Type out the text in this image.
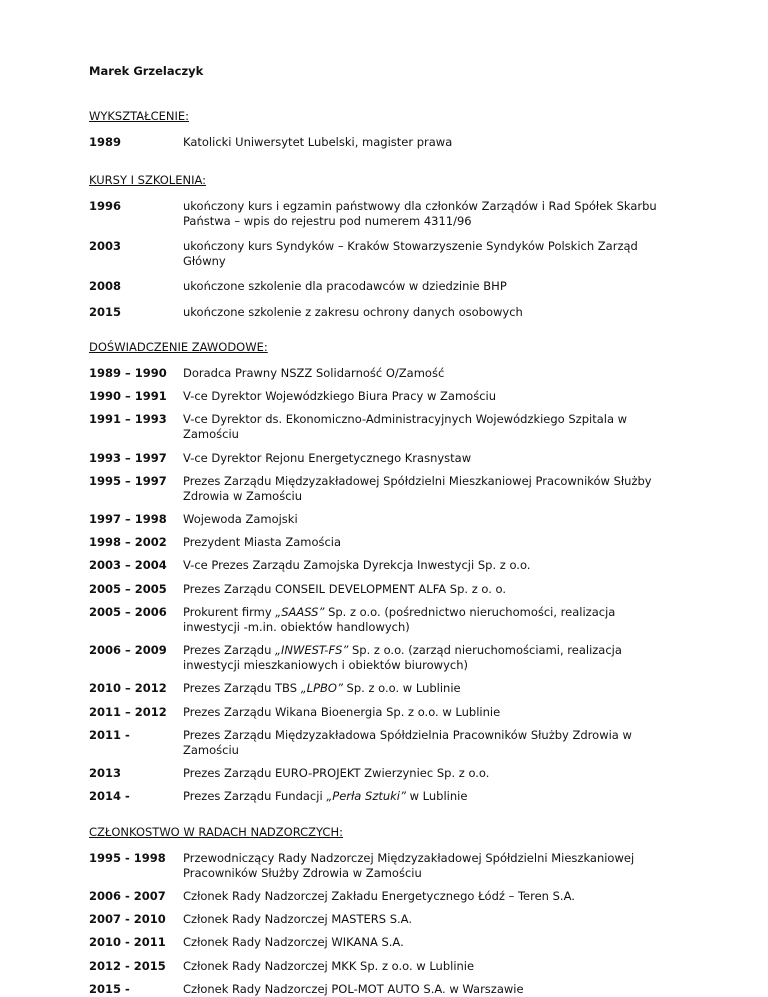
Marek Grzelaczyk
WYKSZTAŁCENIE:
1989	Katolicki Uniwersytet Lubelski, magister prawa
KURSY I SZKOLENIA:
1996	ukończony kurs i egzamin państwowy dla członków Zarządów i Rad Spółek Skarbu Państwa – wpis do rejestru pod numerem 4311/96
2003	ukończony kurs Syndyków – Kraków Stowarzyszenie Syndyków Polskich Zarząd Główny
2008	ukończone szkolenie dla pracodawców w dziedzinie BHP
2015	ukończone szkolenie z zakresu ochrony danych osobowych
DOŚWIADCZENIE ZAWODOWE:
1989 – 1990	Doradca Prawny NSZZ Solidarność O/Zamość
1990 – 1991	V-ce Dyrektor Wojewódzkiego Biura Pracy w Zamościu
1991 – 1993	V-ce Dyrektor ds. Ekonomiczno-Administracyjnych Wojewódzkiego Szpitala w Zamościu
1993 – 1997	V-ce Dyrektor Rejonu Energetycznego Krasnystaw
1995 – 1997	Prezes Zarządu Międzyzakładowej Spółdzielni Mieszkaniowej Pracowników Służby Zdrowia w Zamościu
1997 – 1998	Wojewoda Zamojski
1998 – 2002	Prezydent Miasta Zamościa
2003 – 2004	V-ce Prezes Zarządu Zamojska Dyrekcja Inwestycji Sp. z o.o.
2005 – 2005	Prezes Zarządu CONSEIL DEVELOPMENT ALFA Sp. z o. o.
2005 – 2006	Prokurent firmy „SAASS” Sp. z o.o. (pośrednictwo nieruchomości, realizacja inwestycji -m.in. obiektów handlowych)
2006 – 2009	Prezes Zarządu „INWEST-FS” Sp. z o.o. (zarząd nieruchomościami, realizacja inwestycji mieszkaniowych i obiektów biurowych)
2010 – 2012	Prezes Zarządu TBS „LPBO” Sp. z o.o. w Lublinie
2011 – 2012	Prezes Zarządu Wikana Bioenergia Sp. z o.o. w Lublinie
2011 -	Prezes Zarządu Międzyzakładowa Spółdzielnia Pracowników Służby Zdrowia w Zamościu
2013	Prezes Zarządu EURO-PROJEKT Zwierzyniec Sp. z o.o.
2014 -	Prezes Zarządu Fundacji „Perła Sztuki” w Lublinie
CZŁONKOSTWO W RADACH NADZORCZYCH:
1995 - 1998	Przewodniczący Rady Nadzorczej Międzyzakładowej Spółdzielni Mieszkaniowej Pracowników Służby Zdrowia w Zamościu
2006 - 2007	Członek Rady Nadzorczej Zakładu Energetycznego Łódź – Teren S.A.
2007 - 2010	Członek Rady Nadzorczej MASTERS S.A.
2010 - 2011	Członek Rady Nadzorczej WIKANA S.A.
2012 - 2015	Członek Rady Nadzorczej MKK Sp. z o.o. w Lublinie
2015 -	Członek Rady Nadzorczej POL-MOT AUTO S.A. w Warszawie
